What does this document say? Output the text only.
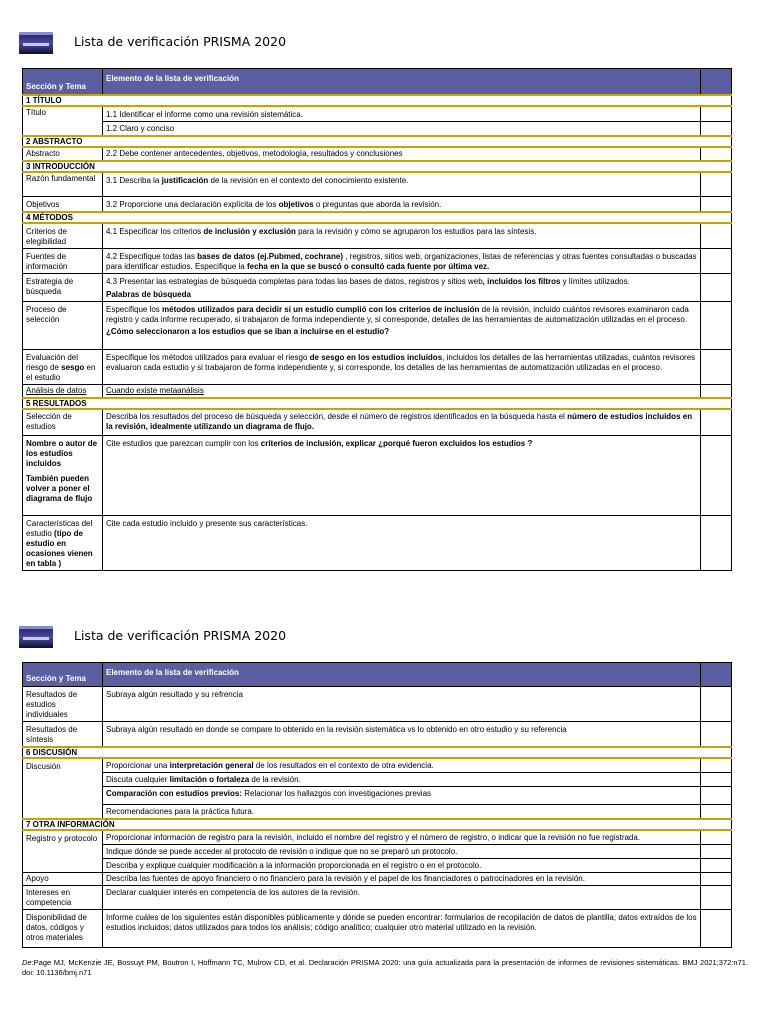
Lista de verificación PRISMA 2020
Sección y Tema	Elemento de la lista de verificación	
1 TÍTULO		
Título	1.1 Identificar el informe como una revisión sistemática.	
	1.2 Claro y conciso	
2 ABSTRACTO		
Abstracto	2.2 Debe contener antecedentes, objetivos, metodología, resultados y conclusiones	
3 INTRODUCCIÓN		
Razón fundamental	3.1 Describa la justificación de la revisión en el contexto del conocimiento existente.	
Objetivos	3.2 Proporcione una declaración explícita de los objetivos o preguntas que aborda la revisión.	
4 MÉTODOS		
Criterios de elegibilidad	4.1 Especificar los criterios de inclusión y exclusión para la revisión y cómo se agruparon los estudios para las síntesis.	
Fuentes de información	4.2 Especifique todas las bases de datos (ej.Pubmed, cochrane) , registros, sitios web, organizaciones, listas de referencias y otras fuentes consultadas o buscadas para identificar estudios. Especifique la fecha en la que se buscó o consultó cada fuente por última vez.	
Estrategia de búsqueda	4.3 Presentar las estrategias de búsqueda completas para todas las bases de datos, registros y sitios web, incluidos los filtros y límites utilizados.
Palabras de búsqueda	

Proceso de selección	Especifique los métodos utilizados para decidir si un estudio cumplió con los criterios de inclusión de la revisión, incluido cuántos revisores examinaron cada registro y cada informe recuperado, si trabajaron de forma independiente y, si corresponde, detalles de las herramientas de automatización utilizadas en el proceso.
¿Cómo seleccionaron a los estudios que se iban a incluirse en el estudio?	

Evaluación del riesgo de sesgo en el estudio	Especifique los métodos utilizados para evaluar el riesgo de sesgo en los estudios incluidos, incluidos los detalles de las herramientas utilizadas, cuántos revisores evaluaron cada estudio y si trabajaron de forma independiente y, si corresponde, los detalles de las herramientas de automatización utilizadas en el proceso.	
Análisis de datos	Cuando existe metaanálisis	
5 RESULTADOS		
Selección de estudios	Describa los resultados del proceso de búsqueda y selección, desde el número de registros identificados en la búsqueda hasta el número de estudios incluidos en la revisión, idealmente utilizando un diagrama de flujo.	
Nombre o autor de los estudios incluidos
También pueden volver a poner el diagrama de flujo	Cite estudios que parezcan cumplir con los criterios de inclusión, explicar ¿porqué fueron excluidos los estudios ?	
Características del estudio (tipo de estudio en ocasiones vienen en tabla )	Cite cada estudio incluido y presente sus características.	
Lista de verificación PRISMA 2020
Sección y Tema	Elemento de la lista de verificación	
Resultados de estudios individuales	Subraya algún resultado y su refrencia	
Resultados de síntesis	Subraya algún resultado en donde se compare lo obtenido en la revisión sistemática vs lo obtenido en otro estudio y su referencia	
6 DISCUSIÓN		
Discusión	Proporcionar una interpretación general de los resultados en el contexto de otra evidencia.	
	Discuta cualquier limitación o fortaleza de la revisión.	
	Comparación con estudios previos: Relacionar los hallazgos con investigaciones previas	
	Recomendaciones para la práctica futura.	
7 OTRA INFORMACIÓN		
Registro y protocolo	Proporcionar información de registro para la revisión, incluido el nombre del registro y el número de registro, o indicar que la revisión no fue registrada.	
	Indique dónde se puede acceder al protocolo de revisión o indique que no se preparó un protocolo.	
	Describa y explique cualquier modificación a la información proporcionada en el registro o en el protocolo.	
Apoyo	Describa las fuentes de apoyo financiero o no financiero para la revisión y el papel de los financiadores o patrocinadores en la revisión.	
Intereses en competencia	Declarar cualquier interés en competencia de los autores de la revisión.	
Disponibilidad de datos, códigos y otros materiales	Informe cuáles de los siguientes están disponibles públicamente y dónde se pueden encontrar: formularios de recopilación de datos de plantilla; datos extraídos de los estudios incluidos; datos utilizados para todos los análisis; código analítico; cualquier otro material utilizado en la revisión.	
De:Page MJ, McKenzie JE, Bossuyt PM, Boutron I, Hoffmann TC, Mulrow CD, et al. Declaración PRISMA 2020: una guía actualizada para la presentación de informes de revisiones sistemáticas. BMJ 2021;372:n71. doi: 10.1136/bmj.n71
